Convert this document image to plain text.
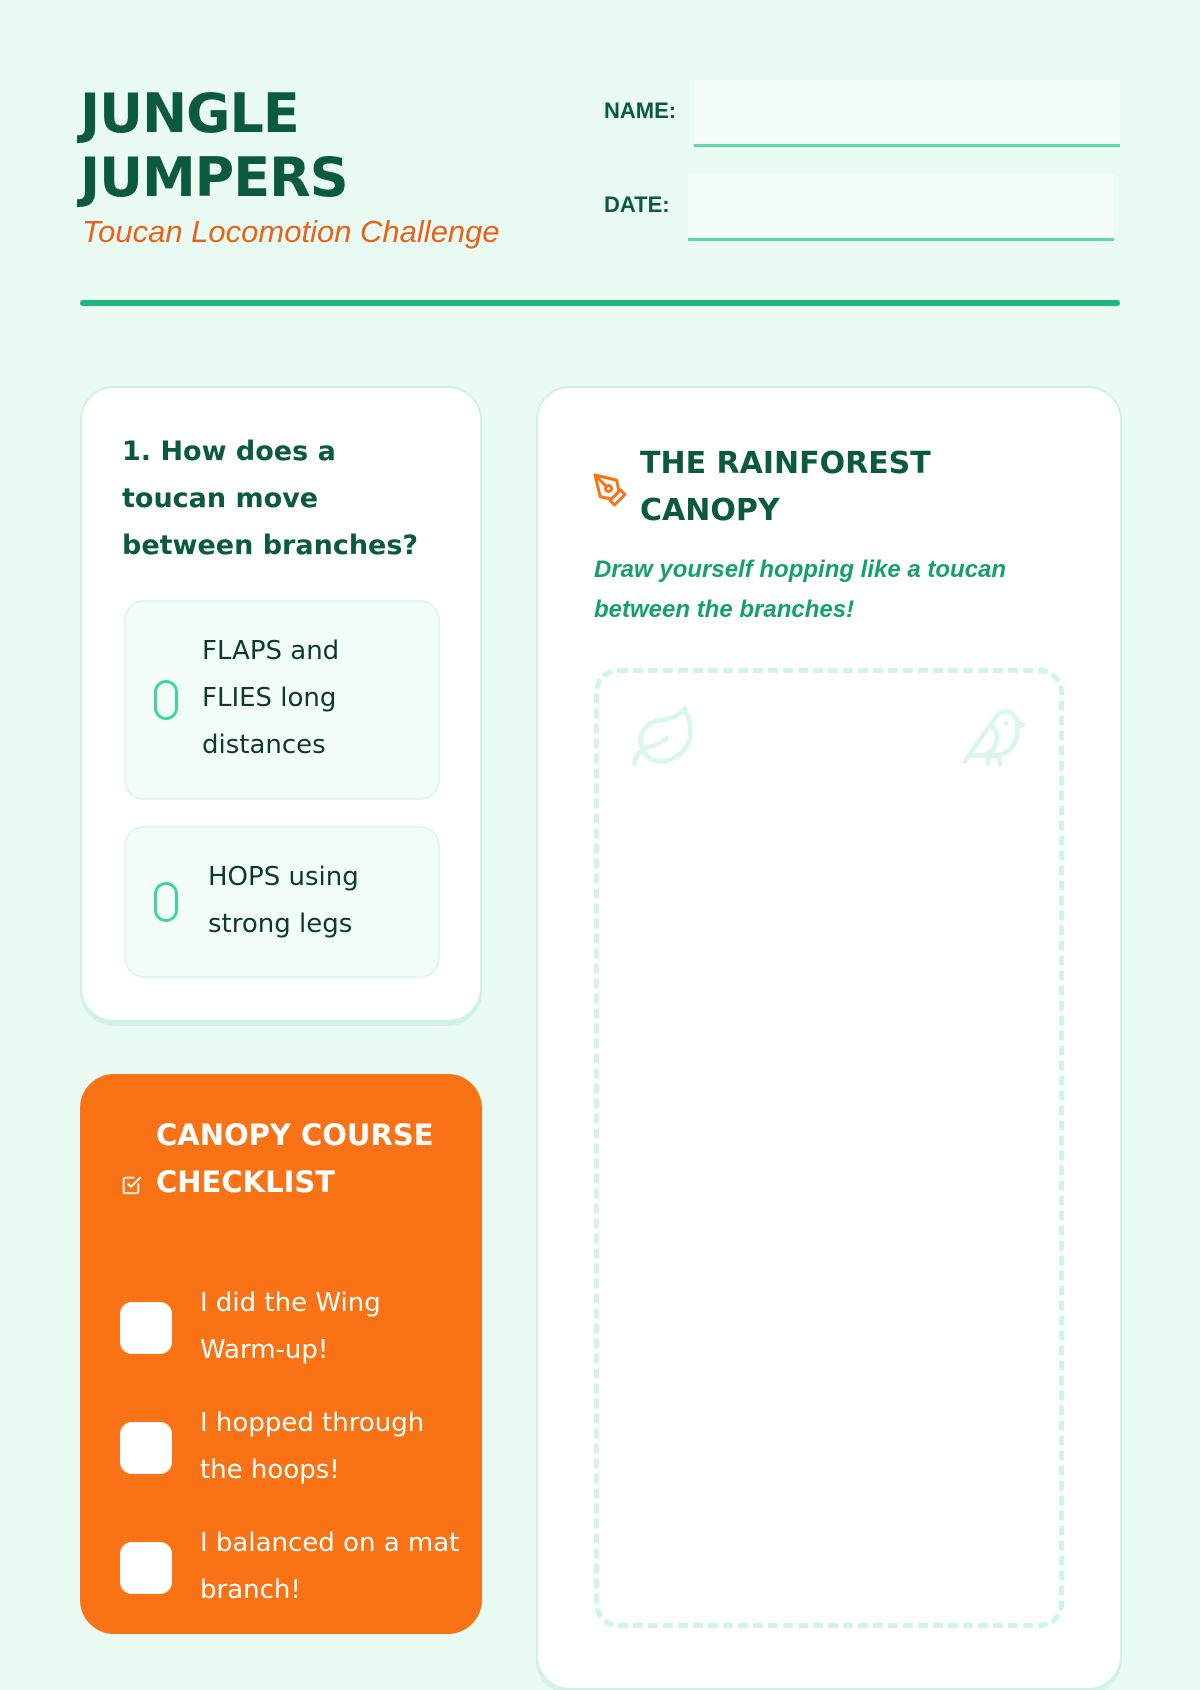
JUNGLE
JUMPERS
Toucan Locomotion Challenge
NAME:
DATE:
1. How does a toucan move between branches?
FLAPS and FLIES long distances
HOPS using strong legs
CANOPY COURSE CHECKLIST
I did the Wing Warm-up!
I hopped through the hoops!
I balanced on a mat branch!
THE RAINFOREST CANOPY
Draw yourself hopping like a toucan between the branches!
